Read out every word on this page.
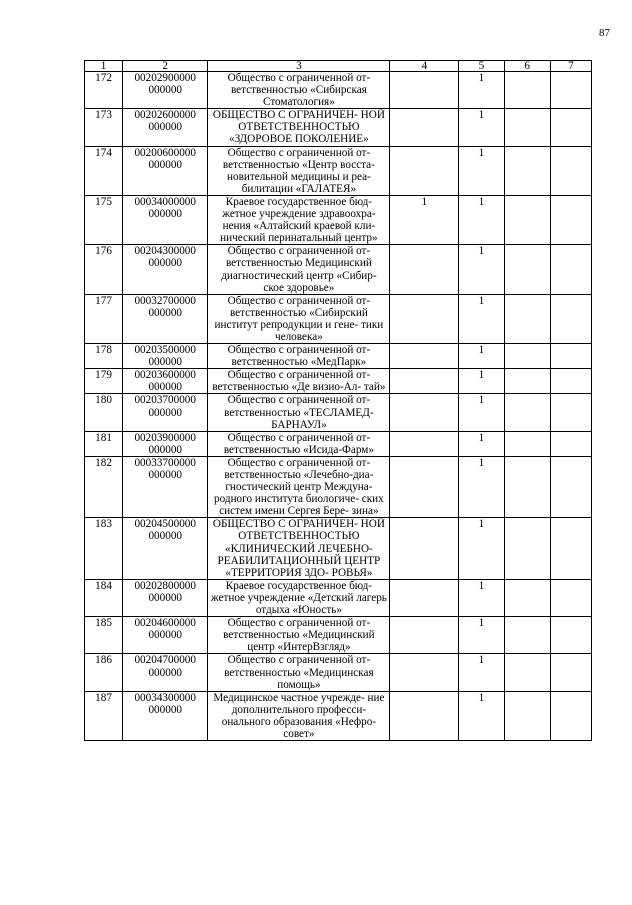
87
1	2	3	4	5	6	7
172	00202900000 000000	Общество с ограниченной от- ветственностью «Сибирская Стоматология»		1		
173	00202600000 000000	ОБЩЕСТВО С ОГРАНИЧЕН- НОЙ ОТВЕТСТВЕННОСТЬЮ «ЗДОРОВОЕ ПОКОЛЕНИЕ»		1		
174	00200600000 000000	Общество с ограниченной от- ветственностью «Центр восста- новительной медицины и реа- билитации «ГАЛАТЕЯ»		1		
175	00034000000 000000	Краевое государственное бюд- жетное учреждение здравоохра- нения «Алтайский краевой кли- нический перинатальный центр»	1	1		
176	00204300000 000000	Общество с ограниченной от- ветственностью Медицинский диагностический центр «Сибир- ское здоровье»		1		
177	00032700000 000000	Общество с ограниченной от- ветственностью «Сибирский институт репродукции и гене- тики человека»		1		
178	00203500000 000000	Общество с ограниченной от- ветственностью «МедПарк»		1		
179	00203600000 000000	Общество с ограниченной от- ветственностью «Де визио-Ал- тай»		1		
180	00203700000 000000	Общество с ограниченной от- ветственностью «ТЕСЛАМЕД- БАРНАУЛ»		1		
181	00203900000 000000	Общество с ограниченной от- ветственностью «Исида-Фарм»		1		
182	00033700000 000000	Общество с ограниченной от- ветственностью «Лечебно-диа- гностический центр Междуна- родного института биологиче- ских систем имени Сергея Бере- зина»		1		
183	00204500000 000000	ОБЩЕСТВО С ОГРАНИЧЕН- НОЙ ОТВЕТСТВЕННОСТЬЮ «КЛИНИЧЕСКИЙ ЛЕЧЕБНО- РЕАБИЛИТАЦИОННЫЙ ЦЕНТР «ТЕРРИТОРИЯ ЗДО- РОВЬЯ»		1		
184	00202800000 000000	Краевое государственное бюд- жетное учреждение «Детский лагерь отдыха «Юность»		1		
185	00204600000 000000	Общество с ограниченной от- ветственностью «Медицинский центр «ИнтерВзгляд»		1		
186	00204700000 000000	Общество с ограниченной от- ветственностью «Медицинская помощь»		1		
187	00034300000 000000	Медицинское частное учрежде- ние дополнительного професси- онального образования «Нефро- совет»		1		
